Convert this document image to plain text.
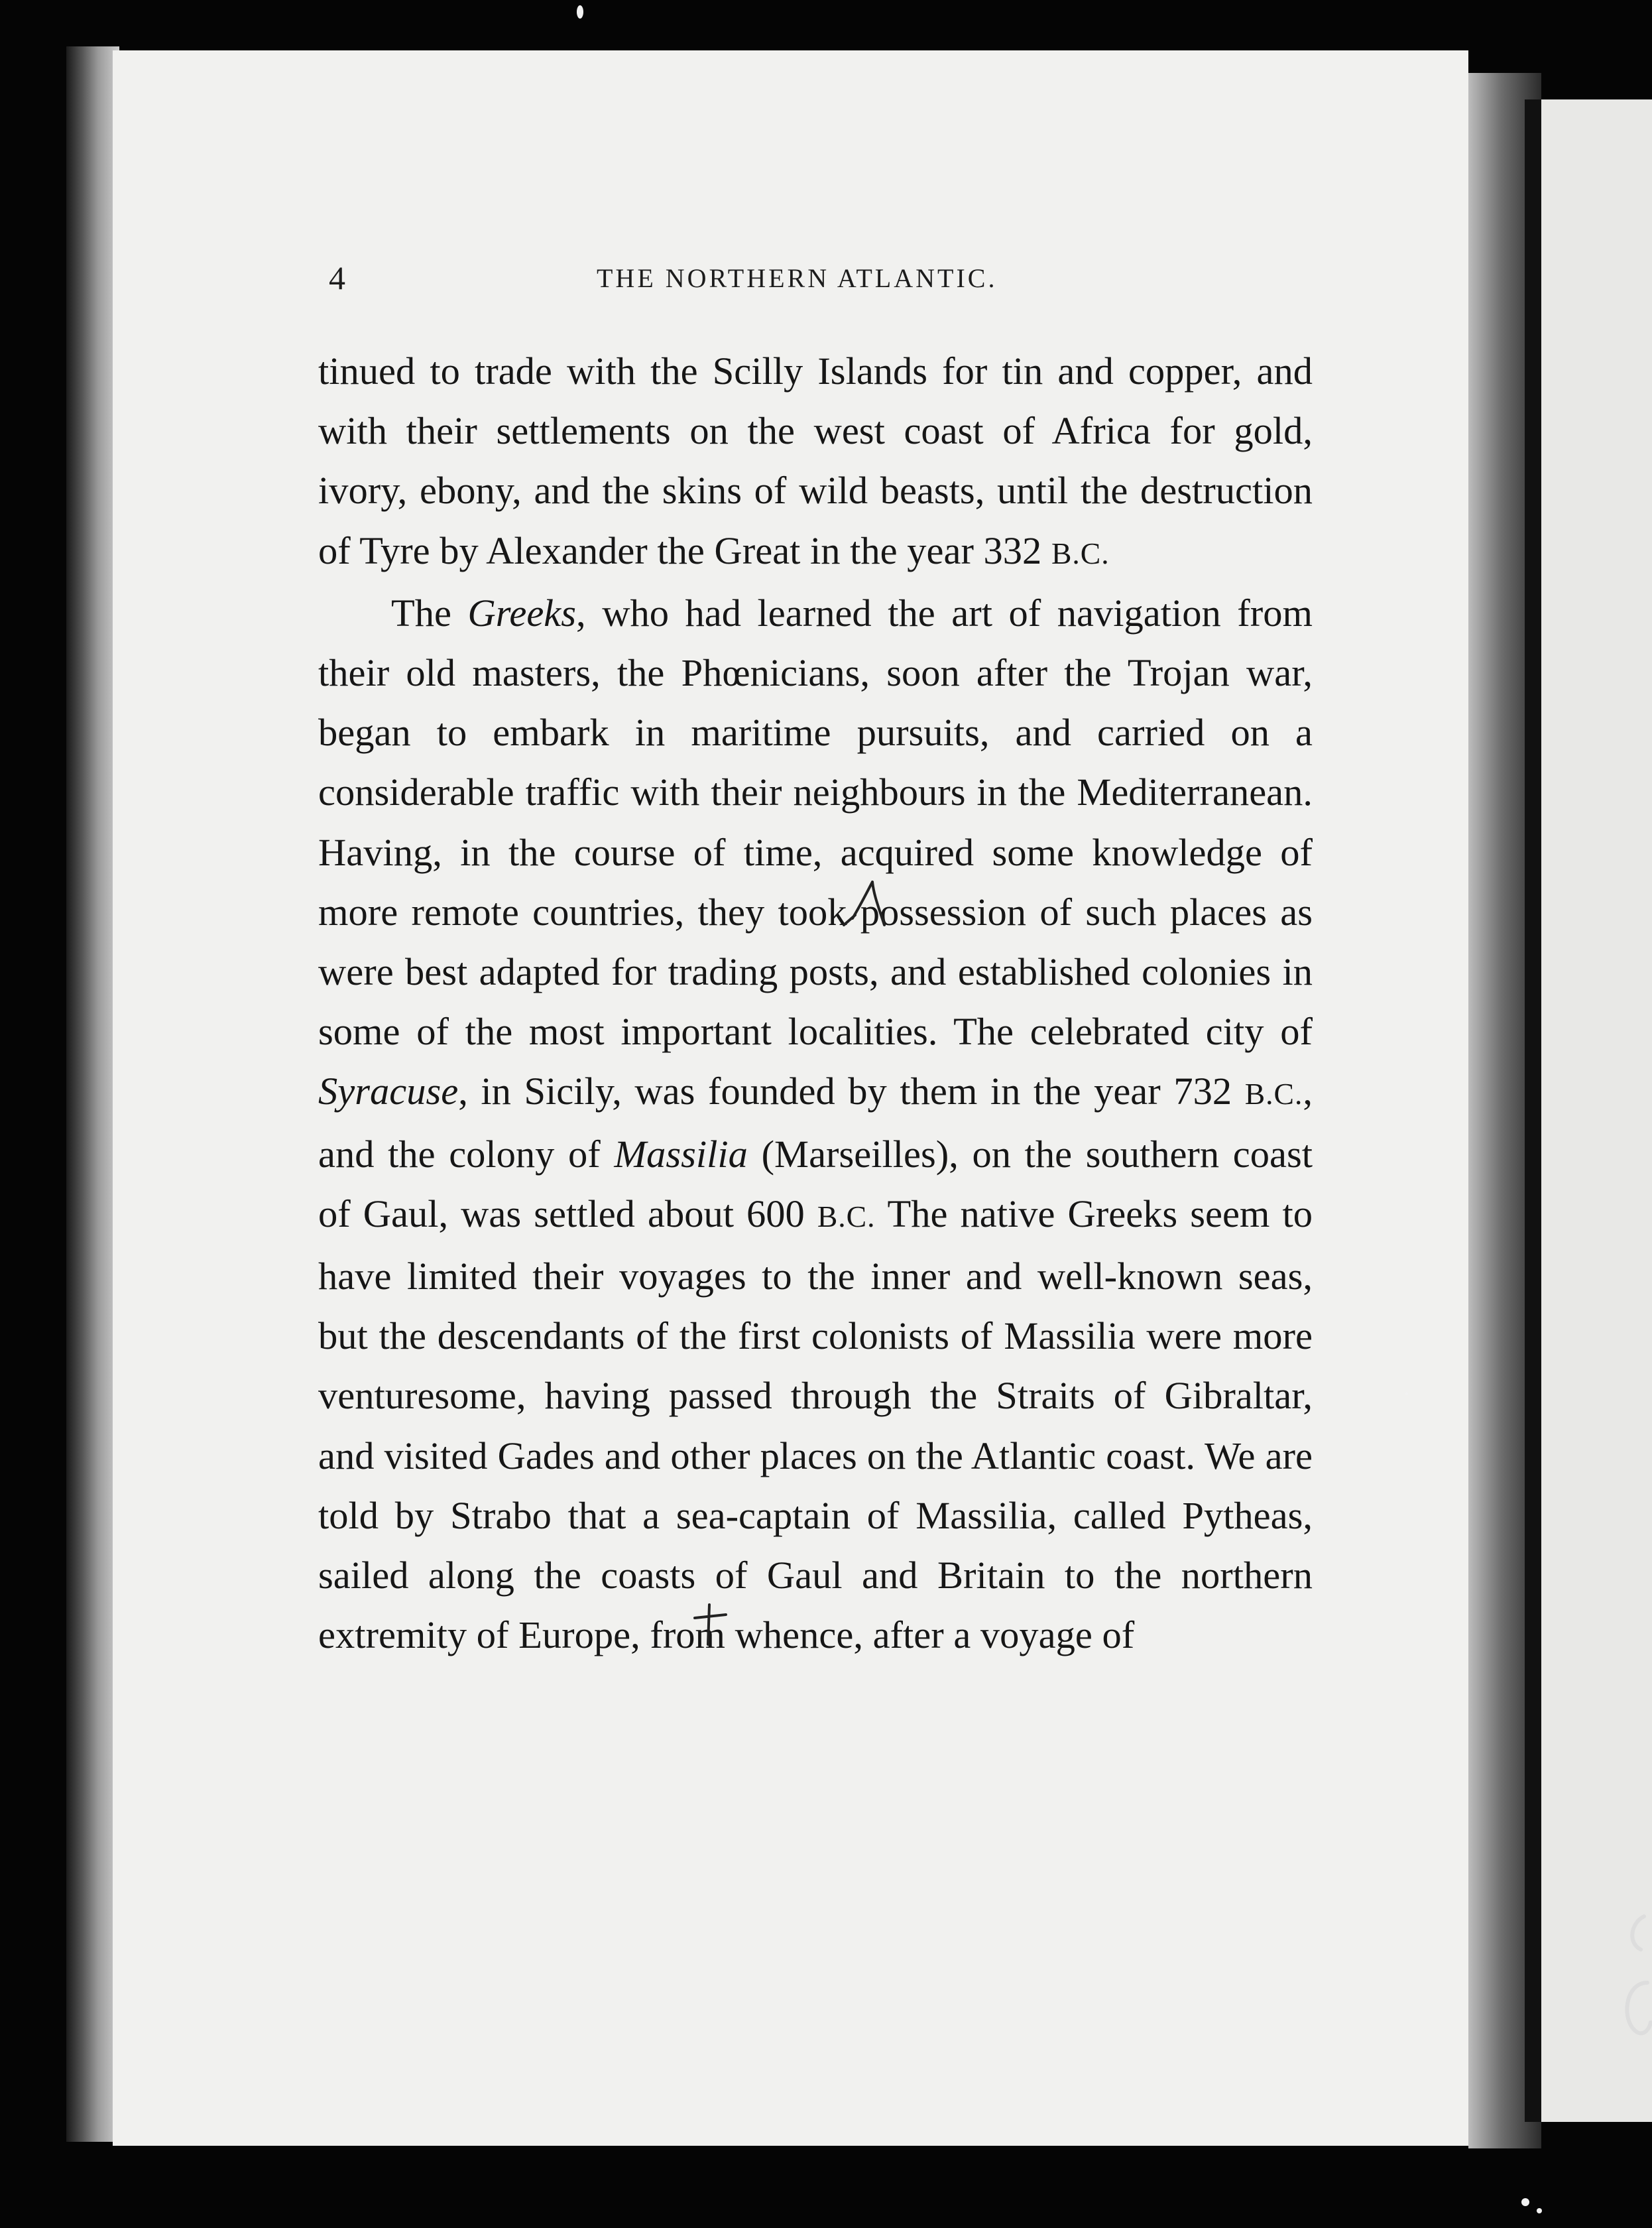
4	THE NORTHERN ATLANTIC.

tinued to trade with the Scilly Islands for tin and copper, and with their settlements on the west coast of Africa for gold, ivory, ebony, and the skins of wild beasts, until the destruction of Tyre by Alexander the Great in the year 332 B.C.

The Greeks, who had learned the art of navigation from their old masters, the Phœnicians, soon after the Trojan war, began to embark in maritime pursuits, and carried on a considerable traffic with their neighbours in the Mediterranean. Having, in the course of time, acquired some knowledge of more remote countries, they took possession of such places as were best adapted for trading posts, and established colonies in some of the most important localities. The celebrated city of Syracuse, in Sicily, was founded by them in the year 732 B.C., and the colony of Massilia (Marseilles), on the southern coast of Gaul, was settled about 600 B.C. The native Greeks seem to have limited their voyages to the inner and well-known seas, but the descendants of the first colonists of Massilia were more venturesome, having passed through the Straits of Gibraltar, and visited Gades and other places on the Atlantic coast. We are told by Strabo that a sea-captain of Massilia, called Pytheas, sailed along the coasts of Gaul and Britain to the northern extremity of Europe, from whence, after a voyage of
